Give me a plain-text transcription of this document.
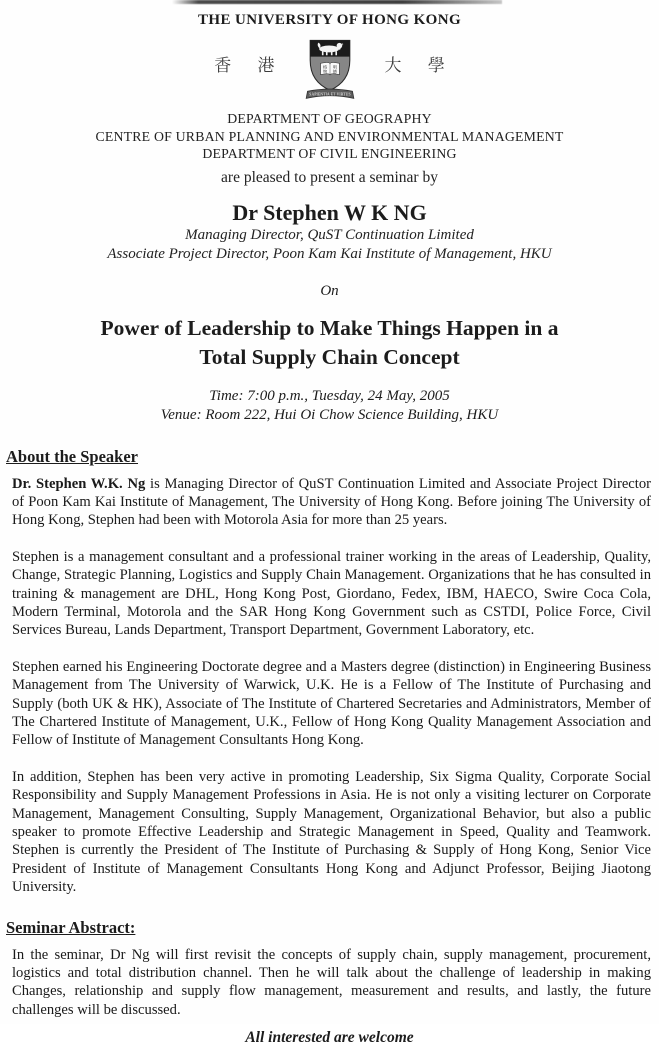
THE UNIVERSITY OF HONG KONG
香 港	格
物
明
德
SAPIENTIA ET VIRTUS
大 學
DEPARTMENT OF GEOGRAPHY
CENTRE OF URBAN PLANNING AND ENVIRONMENTAL MANAGEMENT
DEPARTMENT OF CIVIL ENGINEERING
are pleased to present a seminar by
Dr Stephen W K NG
Managing Director, QuST Continuation Limited
Associate Project Director, Poon Kam Kai Institute of Management, HKU
On
Power of Leadership to Make Things Happen in a
Total Supply Chain Concept
Time: 7:00 p.m., Tuesday, 24 May, 2005
Venue: Room 222, Hui Oi Chow Science Building, HKU
About the Speaker

Dr. Stephen W.K. Ng is Managing Director of QuST Continuation Limited and Associate Project Director of Poon Kam Kai Institute of Management, The University of Hong Kong. Before joining The University of Hong Kong, Stephen had been with Motorola Asia for more than 25 years.

Stephen is a management consultant and a professional trainer working in the areas of Leadership, Quality, Change, Strategic Planning, Logistics and Supply Chain Management. Organizations that he has consulted in training & management are DHL, Hong Kong Post, Giordano, Fedex, IBM, HAECO, Swire Coca Cola, Modern Terminal, Motorola and the SAR Hong Kong Government such as CSTDI, Police Force, Civil Services Bureau, Lands Department, Transport Department, Government Laboratory, etc.

Stephen earned his Engineering Doctorate degree and a Masters degree (distinction) in Engineering Business Management from The University of Warwick, U.K. He is a Fellow of The Institute of Purchasing and Supply (both UK & HK), Associate of The Institute of Chartered Secretaries and Administrators, Member of The Chartered Institute of Management, U.K., Fellow of Hong Kong Quality Management Association and Fellow of Institute of Management Consultants Hong Kong.

In addition, Stephen has been very active in promoting Leadership, Six Sigma Quality, Corporate Social Responsibility and Supply Management Professions in Asia. He is not only a visiting lecturer on Corporate Management, Management Consulting, Supply Management, Organizational Behavior, but also a public speaker to promote Effective Leadership and Strategic Management in Speed, Quality and Teamwork. Stephen is currently the President of The Institute of Purchasing & Supply of Hong Kong, Senior Vice President of Institute of Management Consultants Hong Kong and Adjunct Professor, Beijing Jiaotong University.

Seminar Abstract:

In the seminar, Dr Ng will first revisit the concepts of supply chain, supply management, procurement, logistics and total distribution channel. Then he will talk about the challenge of leadership in making Changes, relationship and supply flow management, measurement and results, and lastly, the future challenges will be discussed.

All interested are welcome
